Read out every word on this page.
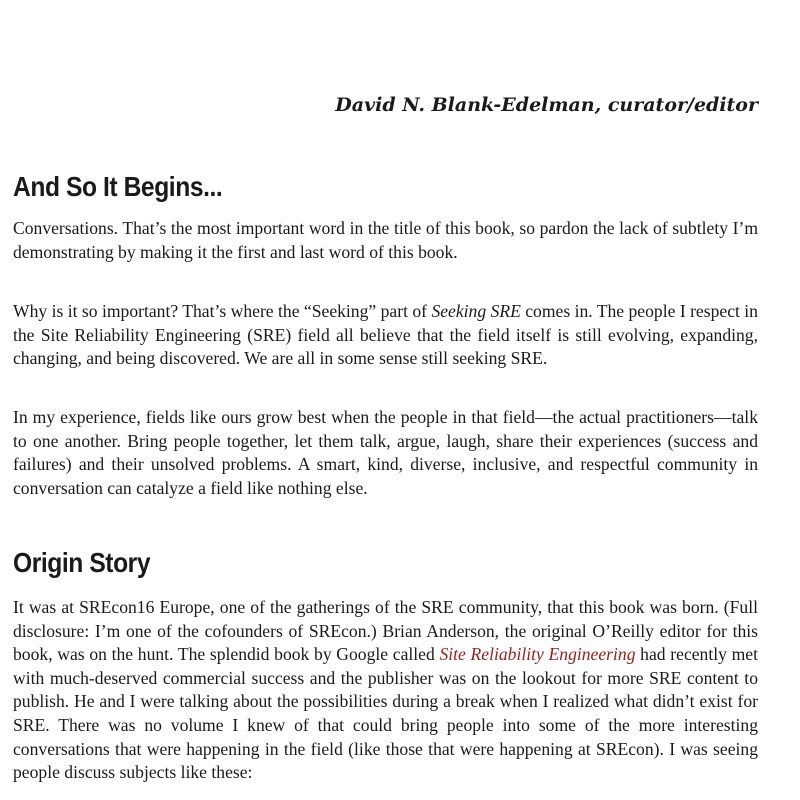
David N. Blank-Edelman, curator/editor

And So It Begins...

Conversations. That’s the most important word in the title of this book, so pardon the lack of subtlety I’m demonstrating by making it the first and last word of this book.

Why is it so important? That’s where the “Seeking” part of Seeking SRE comes in. The people I respect in the Site Reliability Engineering (SRE) field all believe that the field itself is still evolving, expanding, changing, and being discovered. We are all in some sense still seeking SRE.

In my experience, fields like ours grow best when the people in that field—the actual practitioners—talk to one another. Bring people together, let them talk, argue, laugh, share their experiences (success and failures) and their unsolved problems. A smart, kind, diverse, inclusive, and respectful community in conversation can catalyze a field like nothing else.

Origin Story

It was at SREcon16 Europe, one of the gatherings of the SRE community, that this book was born. (Full disclosure: I’m one of the cofounders of SREcon.) Brian Anderson, the original O’Reilly editor for this book, was on the hunt. The splendid book by Google called Site Reliability Engineering had recently met with much-deserved commercial success and the publisher was on the lookout for more SRE content to publish. He and I were talking about the possibilities during a break when I realized what didn’t exist for SRE. There was no volume I knew of that could bring people into some of the more interesting conversations that were happening in the field (like those that were happening at SREcon). I was seeing people discuss subjects like these:
